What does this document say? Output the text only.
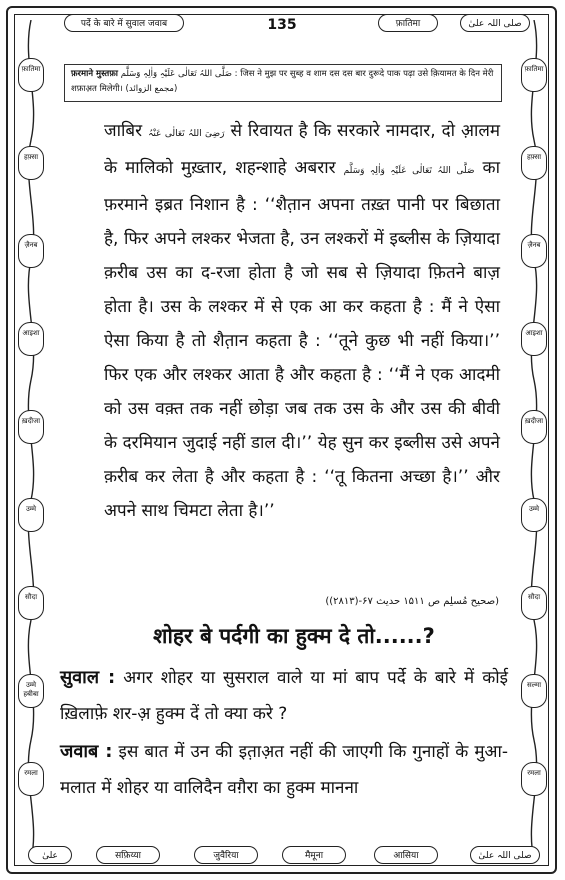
पर्दे के बारे में सुवाल जवाब	135	फ़ातिमा	صلی اللہ علیٰ
फ़ातिमा
हफ़्सा
ज़ैनब
आइशा
ख़दीजा
उम्मे
सौदा
उम्मे हबीबा
रमला
फ़ातिमा
हफ़्सा
ज़ैनब
आइशा
ख़दीजा
उम्मे
सौदा
सल्मा
रमला
फ़रमाने मुस्तफ़ा صَلَّی اللہُ تَعَالٰی عَلَیْہِ وَاٰلِہٖ وَسَلَّم : जिस ने मुझ पर सुब्ह व शाम दस दस बार दुरूदे पाक पढ़ा उसे क़ियामत के दिन मेरी शफ़ाअ़त मिलेगी। (مجمع الزوائد)

जाबिर رَضِیَ اللہُ تَعَالٰی عَنْہُ से रिवायत है कि सरकारे नामदार, दो आ़लम के मालिको मुख़्तार, शहन्शाहे अबरार صَلَّی اللہُ تَعَالٰی عَلَیْہِ وَاٰلِہٖ وَسَلَّم का फ़रमाने इब्रत निशान है : ‘‘शैत़ान अपना तख़्त पानी पर बिछाता है, फिर अपने लश्कर भेजता है, उन लश्करों में इब्लीस के ज़ियादा क़रीब उस का द-रजा होता है जो सब से ज़ियादा फ़ितने बाज़ होता है। उस के लश्कर में से एक आ कर कहता है : मैं ने ऐसा ऐसा किया है तो शैत़ान कहता है : ‘‘तूने कुछ भी नहीं किया।’’ फिर एक और लश्कर आता है और कहता है : ‘‘मैं ने एक आदमी को उस वक़्त तक नहीं छोड़ा जब तक उस के और उस की बीवी के दरमियान जुदाई नहीं डाल दी।’’ येह सुन कर इब्लीस उसे अपने क़रीब कर लेता है और कहता है : ‘‘तू कितना अच्छा है।’’ और अपने साथ चिमटा लेता है।’’

(صحیح مُسلِم ص ۱۵۱۱ حدیث ۶۷-(۲۸۱۳))
शोहर बे पर्दगी का हुक्म दे तो......?
सुवाल : अगर शोहर या सुसराल वाले या मां बाप पर्दे के बारे में कोई ख़िलाफ़े शर-अ़ हुक्म दें तो क्या करे ?
जवाब : इस बात में उन की इत़ाअ़त नहीं की जाएगी कि गुनाहों के मुआ-मलात में शोहर या वालिदैन वग़ैरा का हुक्म मानना
علیٰ	सफ़िय्या	जुवैरिया	मैमूना	आसिया	صلی اللہ علیٰ
